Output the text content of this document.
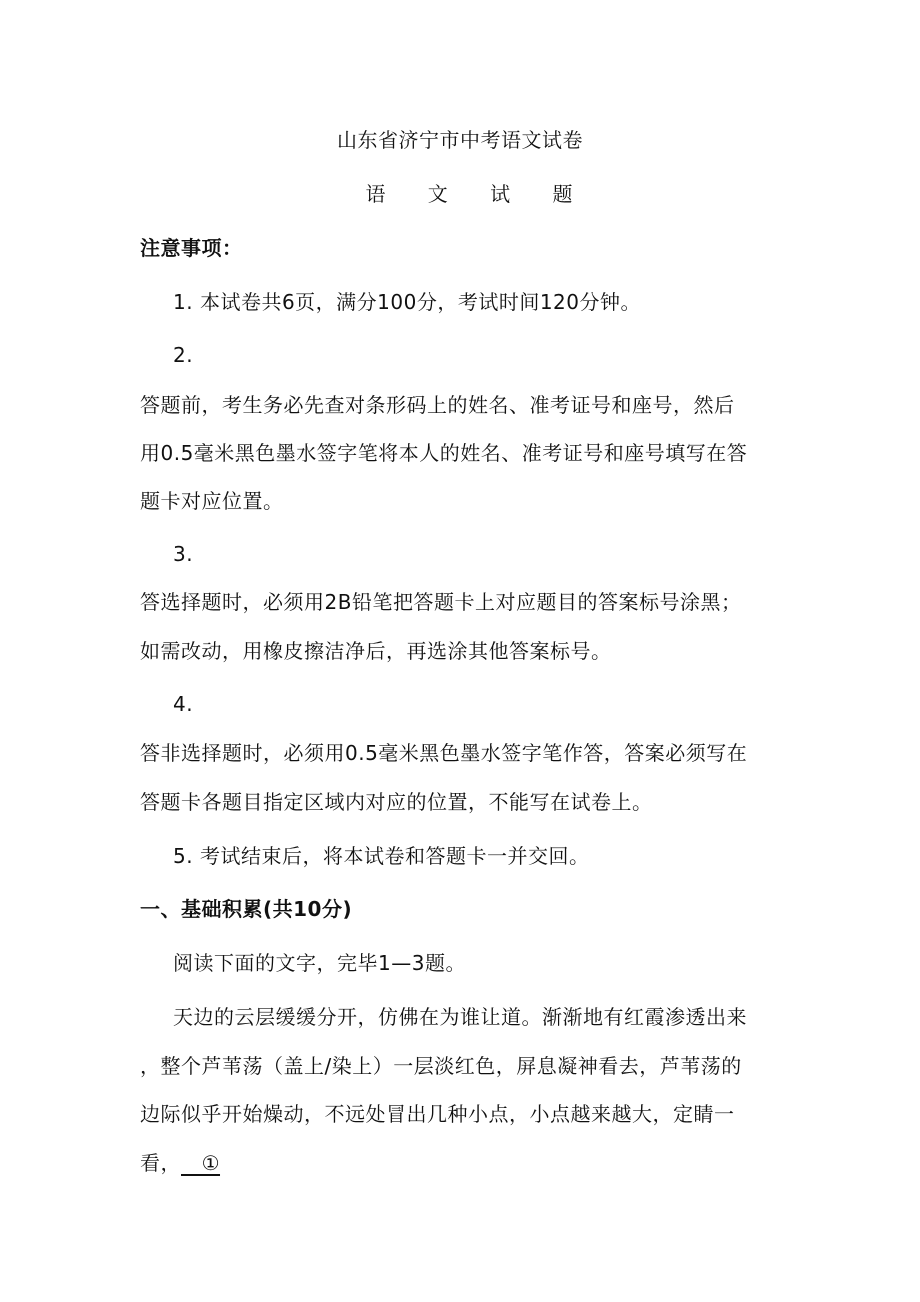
山东省济宁市中考语文试卷
语 文 试 题
注意事项：
1. 本试卷共6页，满分100分，考试时间120分钟。
2.
答题前，考生务必先查对条形码上的姓名、准考证号和座号，然后
用0.5毫米黑色墨水签字笔将本人的姓名、准考证号和座号填写在答
题卡对应位置。
3.
答选择题时，必须用2B铅笔把答题卡上对应题目的答案标号涂黑；
如需改动，用橡皮擦洁净后，再选涂其他答案标号。
4.
答非选择题时，必须用0.5毫米黑色墨水签字笔作答，答案必须写在
答题卡各题目指定区域内对应的位置，不能写在试卷上。
5. 考试结束后，将本试卷和答题卡一并交回。
一、基础积累(共10分)
阅读下面的文字，完毕1—3题。
天边的云层缓缓分开，仿佛在为谁让道。渐渐地有红霞渗透出来
，整个芦苇荡（盖上/染上）一层淡红色，屏息凝神看去，芦苇荡的
边际似乎开始燥动，不远处冒出几种小点，小点越来越大，定睛一
看，   ①
